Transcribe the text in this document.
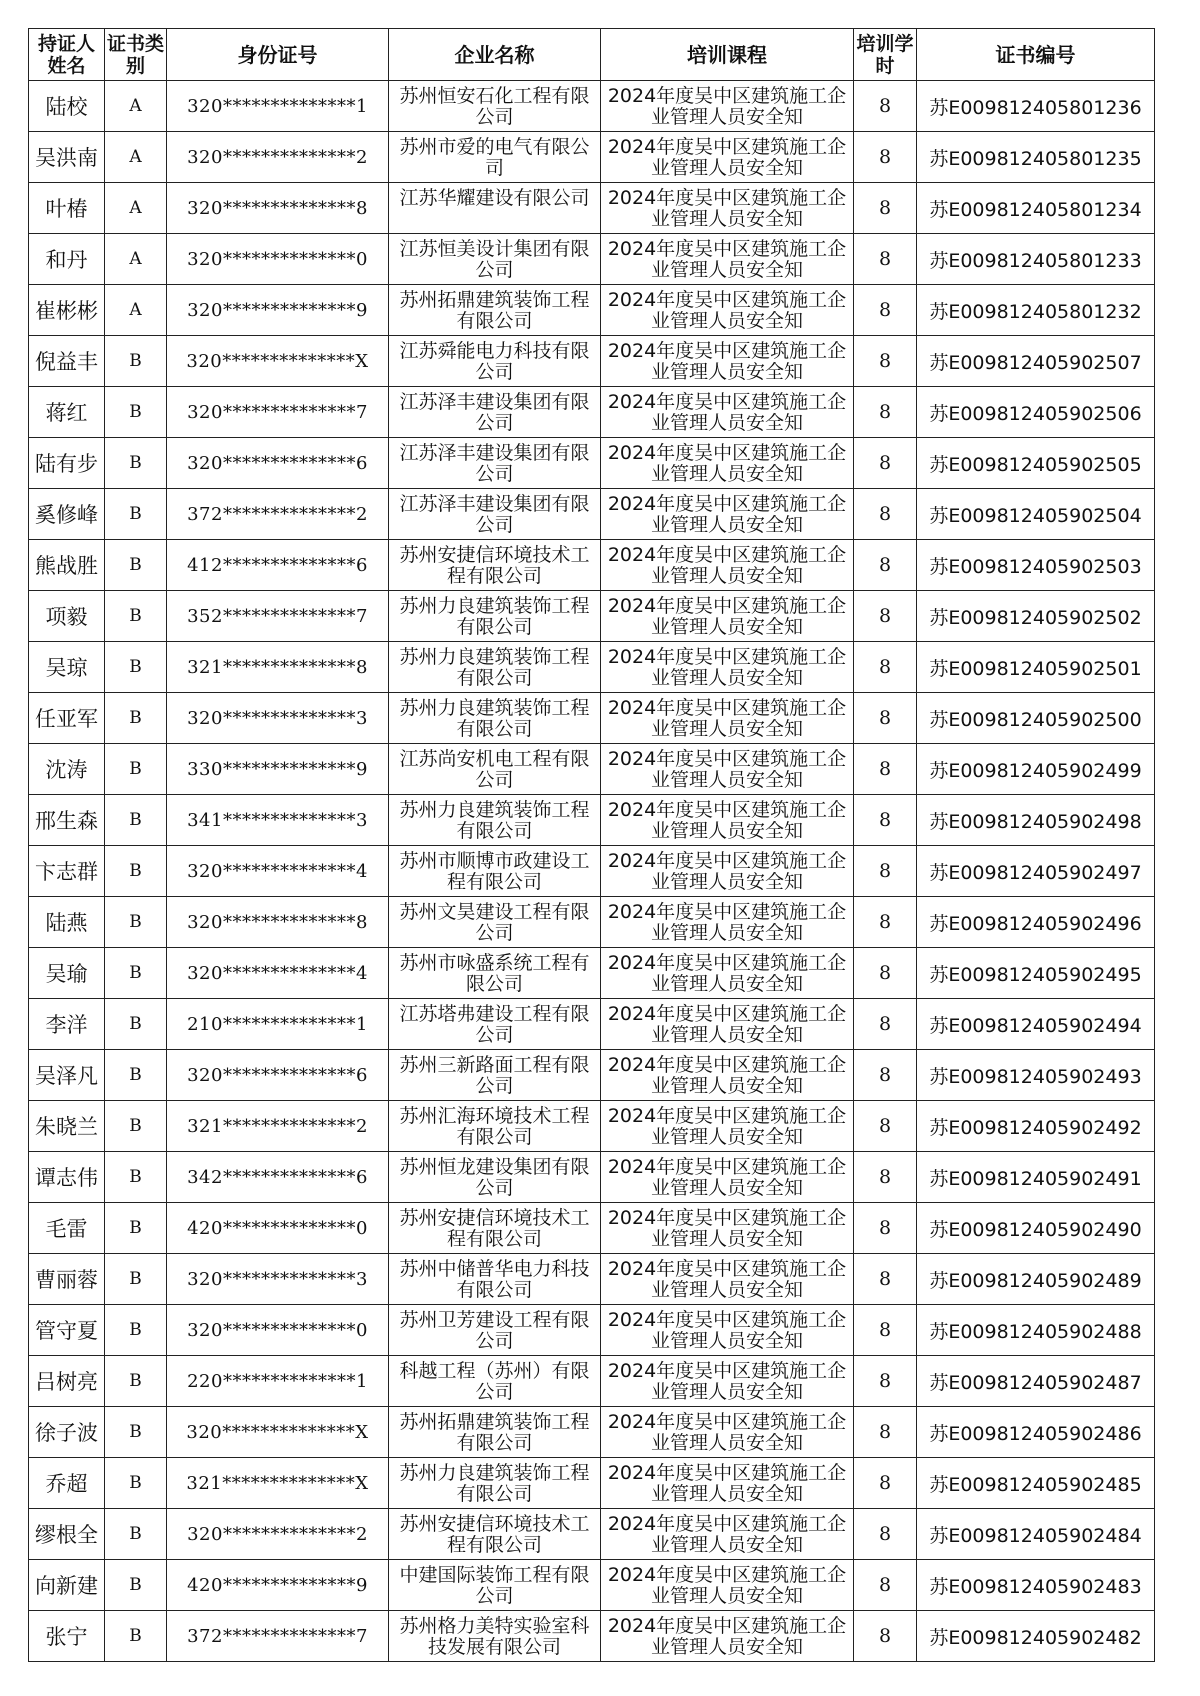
持证人姓名	证书类别	身份证号	企业名称	培训课程	培训学时	证书编号
陆校	A	320**************1	苏州恒安石化工程有限公司	2024年度吴中区建筑施工企业管理人员安全知	8	苏E009812405801236
吴洪南	A	320**************2	苏州市爱的电气有限公司	2024年度吴中区建筑施工企业管理人员安全知	8	苏E009812405801235
叶椿	A	320**************8	江苏华耀建设有限公司	2024年度吴中区建筑施工企业管理人员安全知	8	苏E009812405801234
和丹	A	320**************0	江苏恒美设计集团有限公司	2024年度吴中区建筑施工企业管理人员安全知	8	苏E009812405801233
崔彬彬	A	320**************9	苏州拓鼎建筑装饰工程有限公司	2024年度吴中区建筑施工企业管理人员安全知	8	苏E009812405801232
倪益丰	B	320**************X	江苏舜能电力科技有限公司	2024年度吴中区建筑施工企业管理人员安全知	8	苏E009812405902507
蒋红	B	320**************7	江苏泽丰建设集团有限公司	2024年度吴中区建筑施工企业管理人员安全知	8	苏E009812405902506
陆有步	B	320**************6	江苏泽丰建设集团有限公司	2024年度吴中区建筑施工企业管理人员安全知	8	苏E009812405902505
奚修峰	B	372**************2	江苏泽丰建设集团有限公司	2024年度吴中区建筑施工企业管理人员安全知	8	苏E009812405902504
熊战胜	B	412**************6	苏州安捷信环境技术工程有限公司	2024年度吴中区建筑施工企业管理人员安全知	8	苏E009812405902503
项毅	B	352**************7	苏州力良建筑装饰工程有限公司	2024年度吴中区建筑施工企业管理人员安全知	8	苏E009812405902502
吴琼	B	321**************8	苏州力良建筑装饰工程有限公司	2024年度吴中区建筑施工企业管理人员安全知	8	苏E009812405902501
任亚军	B	320**************3	苏州力良建筑装饰工程有限公司	2024年度吴中区建筑施工企业管理人员安全知	8	苏E009812405902500
沈涛	B	330**************9	江苏尚安机电工程有限公司	2024年度吴中区建筑施工企业管理人员安全知	8	苏E009812405902499
邢生森	B	341**************3	苏州力良建筑装饰工程有限公司	2024年度吴中区建筑施工企业管理人员安全知	8	苏E009812405902498
卞志群	B	320**************4	苏州市顺博市政建设工程有限公司	2024年度吴中区建筑施工企业管理人员安全知	8	苏E009812405902497
陆燕	B	320**************8	苏州文昊建设工程有限公司	2024年度吴中区建筑施工企业管理人员安全知	8	苏E009812405902496
吴瑜	B	320**************4	苏州市咏盛系统工程有限公司	2024年度吴中区建筑施工企业管理人员安全知	8	苏E009812405902495
李洋	B	210**************1	江苏塔弗建设工程有限公司	2024年度吴中区建筑施工企业管理人员安全知	8	苏E009812405902494
吴泽凡	B	320**************6	苏州三新路面工程有限公司	2024年度吴中区建筑施工企业管理人员安全知	8	苏E009812405902493
朱晓兰	B	321**************2	苏州汇海环境技术工程有限公司	2024年度吴中区建筑施工企业管理人员安全知	8	苏E009812405902492
谭志伟	B	342**************6	苏州恒龙建设集团有限公司	2024年度吴中区建筑施工企业管理人员安全知	8	苏E009812405902491
毛雷	B	420**************0	苏州安捷信环境技术工程有限公司	2024年度吴中区建筑施工企业管理人员安全知	8	苏E009812405902490
曹丽蓉	B	320**************3	苏州中储普华电力科技有限公司	2024年度吴中区建筑施工企业管理人员安全知	8	苏E009812405902489
管守夏	B	320**************0	苏州卫芳建设工程有限公司	2024年度吴中区建筑施工企业管理人员安全知	8	苏E009812405902488
吕树亮	B	220**************1	科越工程（苏州）有限公司	2024年度吴中区建筑施工企业管理人员安全知	8	苏E009812405902487
徐子波	B	320**************X	苏州拓鼎建筑装饰工程有限公司	2024年度吴中区建筑施工企业管理人员安全知	8	苏E009812405902486
乔超	B	321**************X	苏州力良建筑装饰工程有限公司	2024年度吴中区建筑施工企业管理人员安全知	8	苏E009812405902485
缪根全	B	320**************2	苏州安捷信环境技术工程有限公司	2024年度吴中区建筑施工企业管理人员安全知	8	苏E009812405902484
向新建	B	420**************9	中建国际装饰工程有限公司	2024年度吴中区建筑施工企业管理人员安全知	8	苏E009812405902483
张宁	B	372**************7	苏州格力美特实验室科技发展有限公司	2024年度吴中区建筑施工企业管理人员安全知	8	苏E009812405902482
